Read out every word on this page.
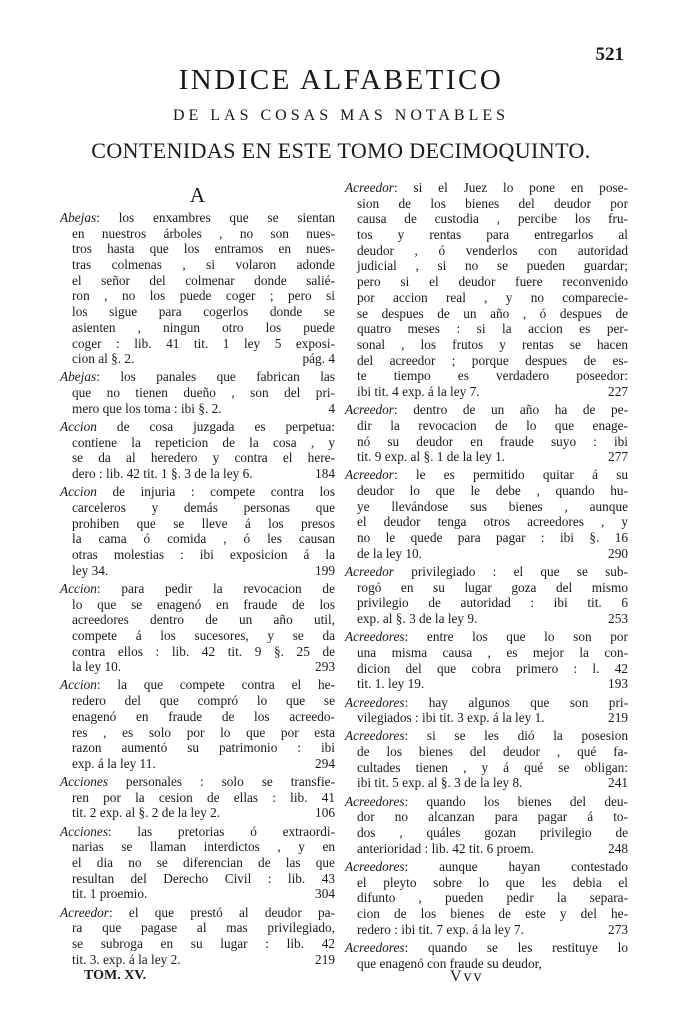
521
INDICE ALFABETICO
DE LAS COSAS MAS NOTABLES
CONTENIDAS EN ESTE TOMO DECIMOQUINTO.
A
Abejas: los enxambres que se sientan
en nuestros árboles , no son nues-
tros hasta que los entramos en nues-
tras colmenas , si volaron adonde
el señor del colmenar donde salié-
ron , no los puede coger ; pero si
los sigue para cogerlos donde se
asienten , ningun otro los puede
coger : lib. 41 tit. 1 ley 5 exposi-
cion al §. 2.	pág. 4
Abejas: los panales que fabrican las
que no tienen dueño , son del pri-
mero que los toma : ibi §. 2.	4
Accion de cosa juzgada es perpetua:
contiene la repeticion de la cosa , y
se da al heredero y contra el here-
dero : lib. 42 tit. 1 §. 3 de la ley 6.	184
Accion de injuria : compete contra los
carceleros y demás personas que
prohiben que se lleve á los presos
la cama ó comida , ó les causan
otras molestias : ibi exposicion á la
ley 34.	199
Accion: para pedir la revocacion de
lo que se enagenó en fraude de los
acreedores dentro de un año util,
compete á los sucesores, y se da
contra ellos : lib. 42 tit. 9 §. 25 de
la ley 10.	293
Accion: la que compete contra el he-
redero del que compró lo que se
enagenó en fraude de los acreedo-
res , es solo por lo que por esta
razon aumentó su patrimonio : ibi
exp. á la ley 11.	294
Acciones personales : solo se transfie-
ren por la cesion de ellas : lib. 41
tit. 2 exp. al §. 2 de la ley 2.	106
Acciones: las pretorias ó extraordi-
narias se llaman interdictos , y en
el dia no se diferencian de las que
resultan del Derecho Civil : lib. 43
tit. 1 proemio.	304
Acreedor: el que prestó al deudor pa-
ra que pagase al mas privilegiado,
se subroga en su lugar : lib. 42
tit. 3. exp. á la ley 2.	219
Acreedor: si el Juez lo pone en pose-
sion de los bienes del deudor por
causa de custodia , percibe los fru-
tos y rentas para entregarlos al
deudor , ó venderlos con autoridad
judicial , si no se pueden guardar;
pero si el deudor fuere reconvenido
por accion real , y no comparecie-
se despues de un año , ó despues de
quatro meses : si la accion es per-
sonal , los frutos y rentas se hacen
del acreedor ; porque despues de es-
te tiempo es verdadero poseedor:
ibi tit. 4 exp. á la ley 7.	227
Acreedor: dentro de un año ha de pe-
dir la revocacion de lo que enage-
nó su deudor en fraude suyo : ibi
tit. 9 exp. al §. 1 de la ley 1.	277
Acreedor: le es permitido quitar á su
deudor lo que le debe , quando hu-
ye llevándose sus bienes , aunque
el deudor tenga otros acreedores , y
no le quede para pagar : ibi §. 16
de la ley 10.	290
Acreedor privilegiado : el que se sub-
rogó en su lugar goza del mismo
privilegio de autoridad : ibi tit. 6
exp. al §. 3 de la ley 9.	253
Acreedores: entre los que lo son por
una misma causa , es mejor la con-
dicion del que cobra primero : l. 42
tit. 1. ley 19.	193
Acreedores: hay algunos que son pri-
vilegiados : ibi tit. 3 exp. á la ley 1.	219
Acreedores: si se les dió la posesion
de los bienes del deudor , qué fa-
cultades tienen , y á qué se obligan:
ibi tit. 5 exp. al §. 3 de la ley 8.	241
Acreedores: quando los bienes del deu-
dor no alcanzan para pagar á to-
dos , quáles gozan privilegio de
anterioridad : lib. 42 tit. 6 proem.	248
Acreedores: aunque hayan contestado
el pleyto sobre lo que les debia el
difunto , pueden pedir la separa-
cion de los bienes de este y del he-
redero : ibi tit. 7 exp. á la ley 7.	273
Acreedores: quando se les restituye lo
que enagenó con fraude su deudor,
TOM. XV.	Vvv
